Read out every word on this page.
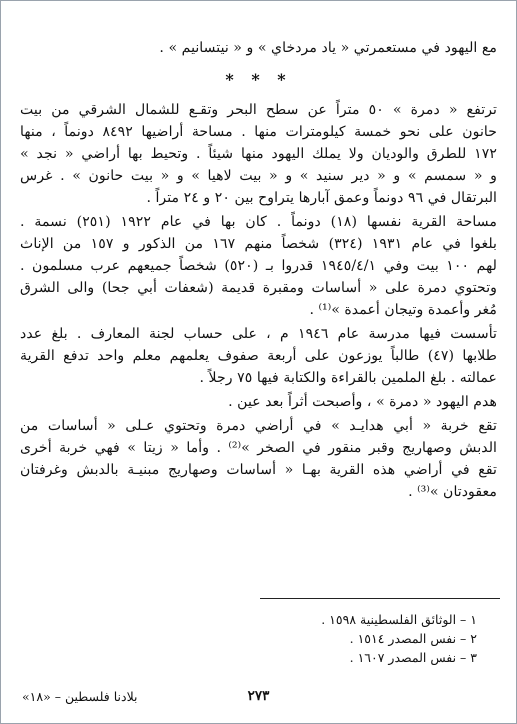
مع اليهود في مستعمرتي « ياد مردخاي » و « نيتسانيم » .
* * *
ترتفع « دمرة » ٥٠ متراً عن سطح البحر وتقـع للشمال الشرقي من بيت
حانون على نحو خمسة كيلومترات منها . مساحة أراضيها ٨٤٩٢ دونماً ، منها
١٧٢ للطرق والوديان ولا يملك اليهود منها شيئاً . وتحيط بها أراضي « نجد »
و « سمسم » و « دير سنيد » و « بيت لاهيا » و « بيت حانون » . غرس
البرتقال في ٩٦ دونماً وعمق آبارها يتراوح بين ٢٠ و ٢٤ متراً .
مساحة القرية نفسها (١٨) دونماً . كان بها في عام ١٩٢٢ (٢٥١) نسمة .
بلغوا في عام ١٩٣١ (٣٢٤) شخصاً منهم ١٦٧ من الذكور و ١٥٧ من الإناث
لهم ١٠٠ بيت وفي ١٩٤٥/٤/١ قدروا بـ (٥٢٠) شخصاً جميعهم عرب مسلمون .
وتحتوي دمرة على « أساسات ومقبرة قديمة (شعفات أبي جحا) والى الشرق
مُغر وأعمدة وتيجان أعمدة »⁽¹⁾ .
تأسست فيها مدرسة عام ١٩٤٦ م ، على حساب لجنة المعارف . بلغ عدد
طلابها (٤٧) طالباً يوزعون على أربعة صفوف يعلمهم معلم واحد تدفع القرية
عمالته . بلغ الملمين بالقراءة والكتابة فيها ٧٥ رجلاً .
هدم اليهود « دمرة » ، وأصبحت أثراً بعد عين .
تقع خربة « أبي هدايـد » في أراضي دمرة وتحتوي عـلى « أساسات من
الدبش وصهاريج وقبر منقور في الصخر »⁽²⁾ . وأما « زيتا » فهي خربة أخرى
تقع في أراضي هذه القرية بهـا « أساسات وصهاريج مبنيـة بالدبش وغرفتان
معقودتان »⁽³⁾ .
١ – الوثائق الفلسطينية ١٥٩٨ .
٢ – نفس المصدر ١٥١٤ .
٣ – نفس المصدر ١٦٠٧ .
٢٧٣
بلادنا فلسطين – «١٨»
